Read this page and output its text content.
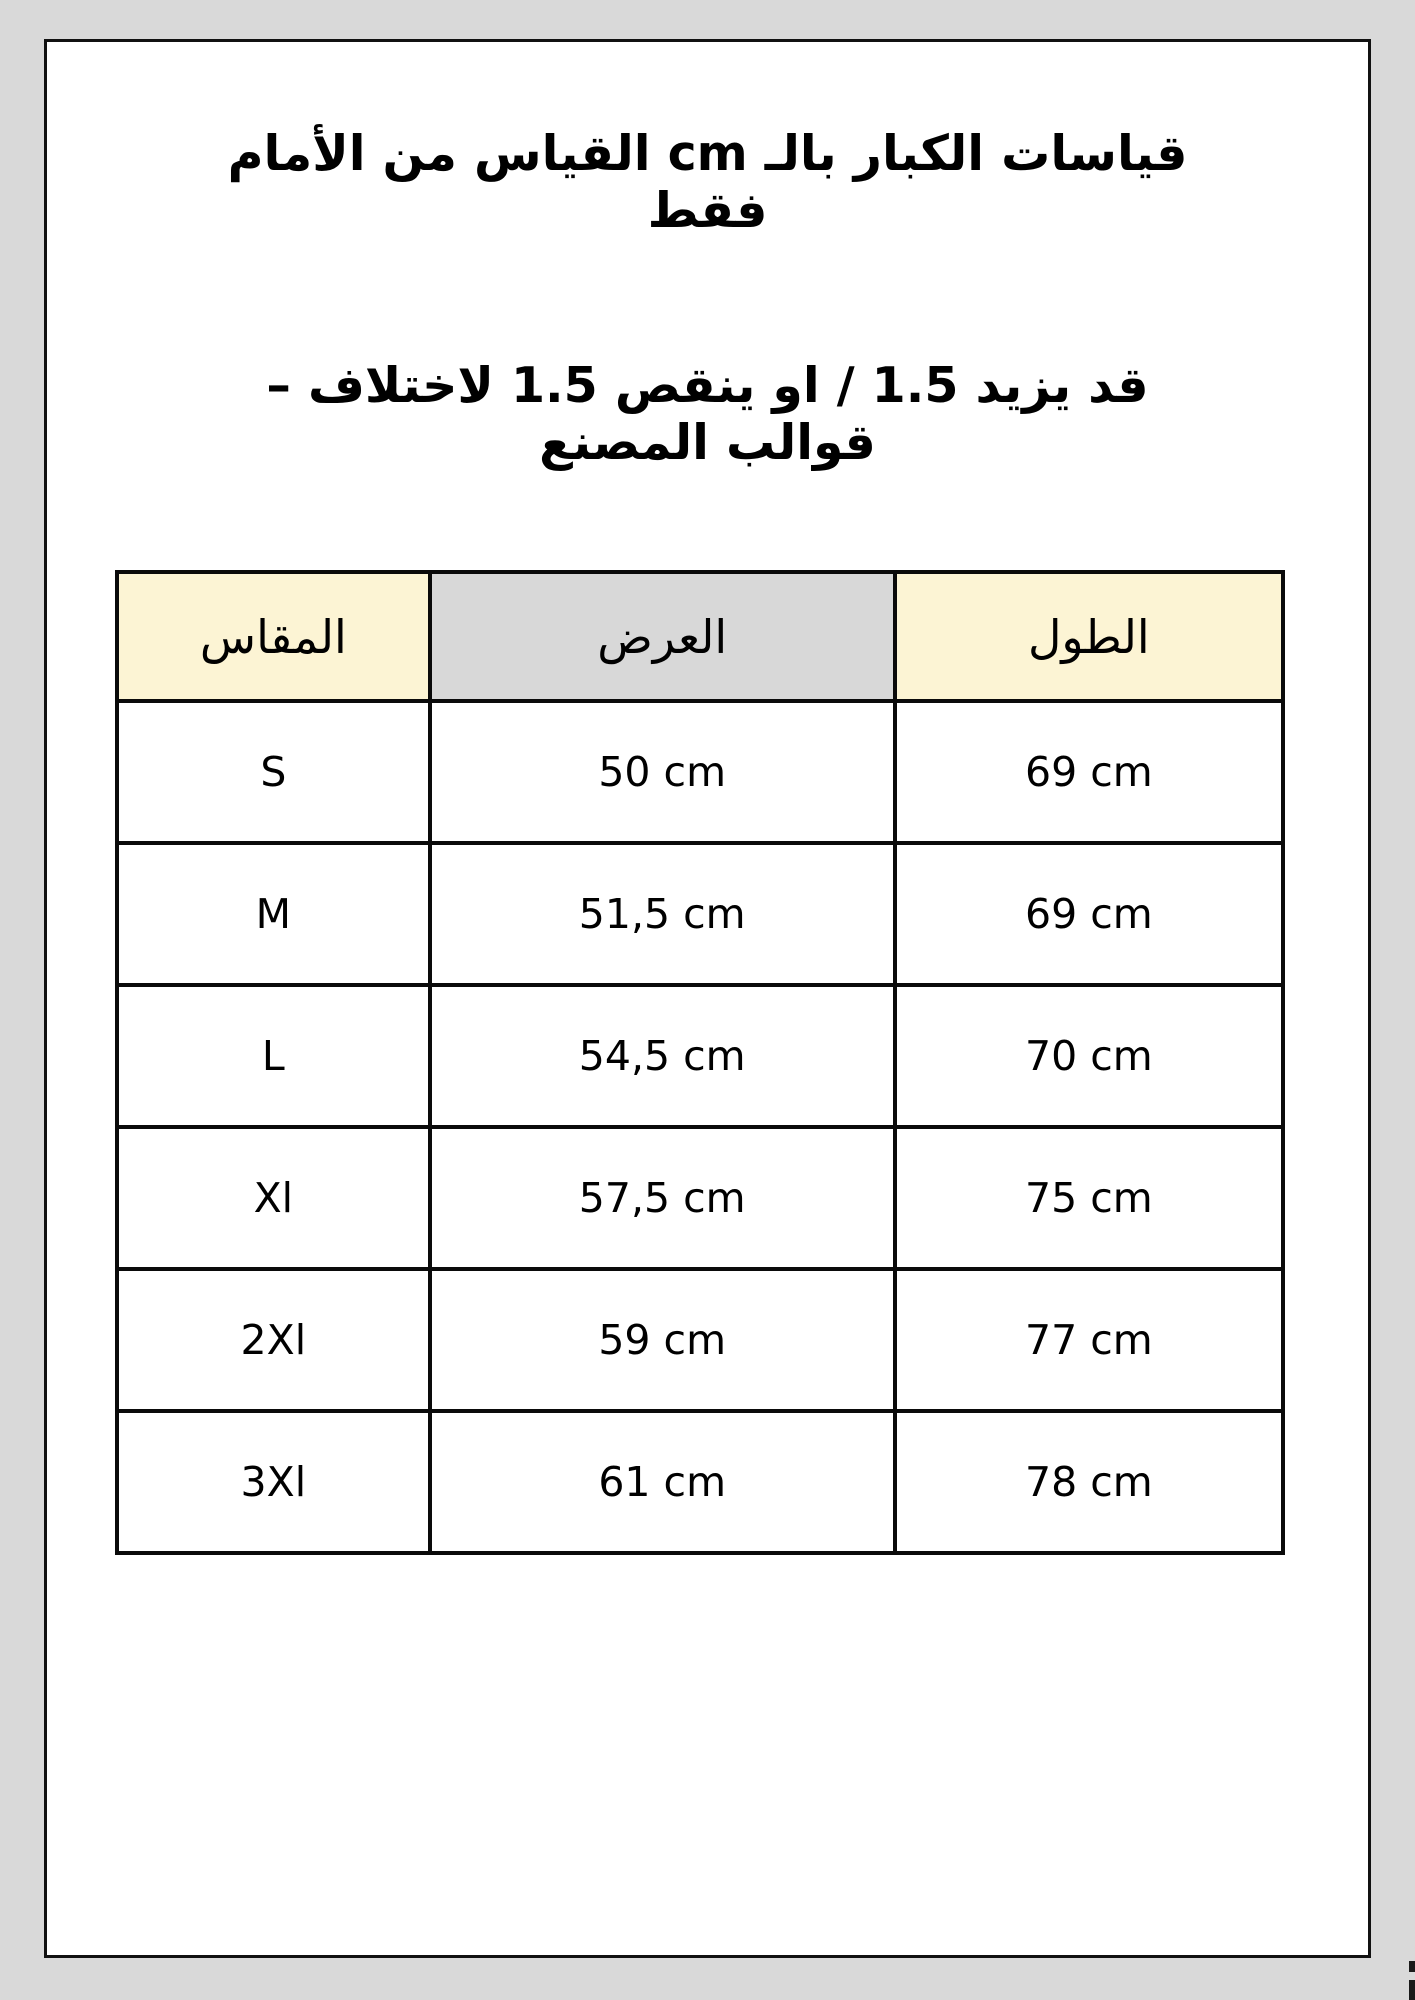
قياسات الكبار بالـ cm القياس من الأمام
فقط
قد يزيد 1.5 / او ينقص 1.5 لاختلاف –
قوالب المصنع
المقاس	العرض	الطول
S	50 cm	69 cm
M	51,5 cm	69 cm
L	54,5 cm	70 cm
Xl	57,5 cm	75 cm
2Xl	59 cm	77 cm
3Xl	61 cm	78 cm
